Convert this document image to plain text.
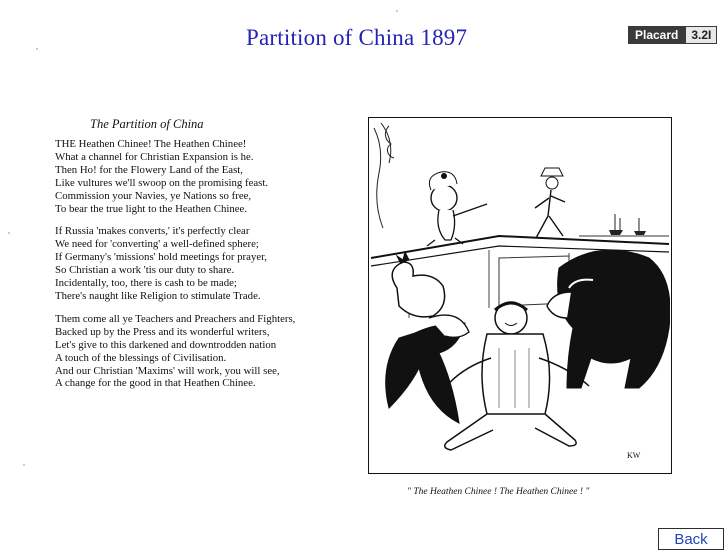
Partition of China 1897	Placard	3.2I
The Partition of China
THE Heathen Chinee! The Heathen Chinee!
What a channel for Christian Expansion is he.
Then Ho! for the Flowery Land of the East,
Like vultures we'll swoop on the promising feast.
Commission your Navies, ye Nations so free,
To bear the true light to the Heathen Chinee.
If Russia 'makes converts,' it's perfectly clear
We need for 'converting' a well-defined sphere;
If Germany's 'missions' hold meetings for prayer,
So Christian a work 'tis our duty to share.
Incidentally, too, there is cash to be made;
There's naught like Religion to stimulate Trade.
Them come all ye Teachers and Preachers and Fighters,
Backed up by the Press and its wonderful writers,
Let's give to this darkened and downtrodden nation
A touch of the blessings of Civilisation.
And our Christian 'Maxims' will work, you will see,
A change for the good in that Heathen Chinee.
KW
" The Heathen Chinee ! The Heathen Chinee ! "
Back
